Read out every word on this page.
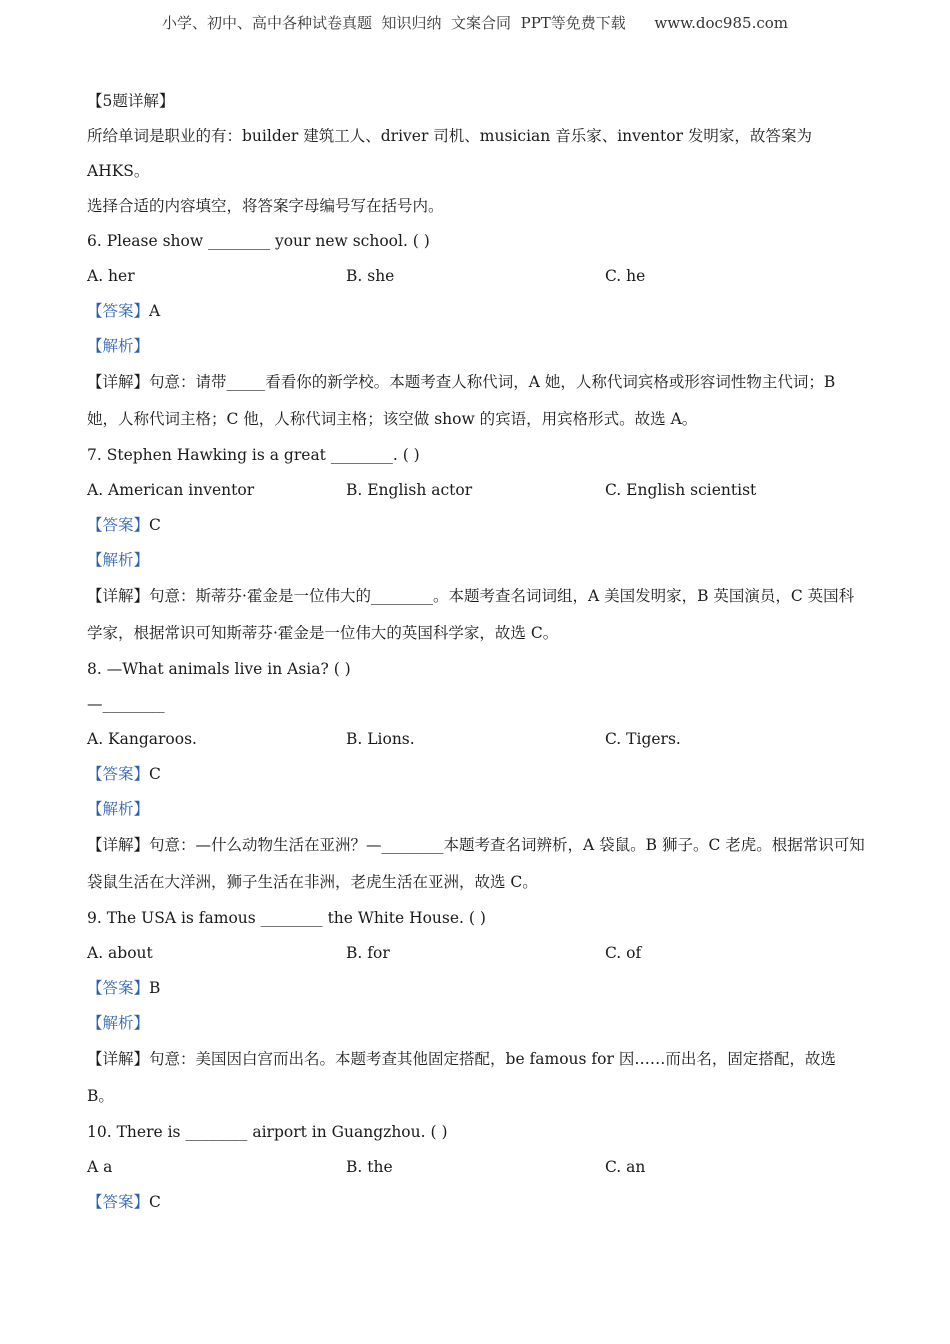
小学、初中、高中各种试卷真题  知识归纳  文案合同  PPT等免费下载      www.doc985.com
【5题详解】
所给单词是职业的有：builder 建筑工人、driver 司机、musician 音乐家、inventor 发明家，故答案为
AHKS。
选择合适的内容填空，将答案字母编号写在括号内。
6. Please show ________ your new school. ( )
A. her	B. she	C. he
【答案】A
【解析】
【详解】句意：请带_____看看你的新学校。本题考查人称代词，A 她，人称代词宾格或形容词性物主代词；B 她，人称代词主格；C 他，人称代词主格；该空做 show 的宾语，用宾格形式。故选 A。
7. Stephen Hawking is a great ________. ( )
A. American inventor	B. English actor	C. English scientist
【答案】C
【解析】
【详解】句意：斯蒂芬·霍金是一位伟大的________。本题考查名词词组，A 美国发明家，B 英国演员，C 英国科学家，根据常识可知斯蒂芬·霍金是一位伟大的英国科学家，故选 C。
8. —What animals live in Asia? ( )
—________
A. Kangaroos.	B. Lions.	C. Tigers.
【答案】C
【解析】
【详解】句意：—什么动物生活在亚洲？—________本题考查名词辨析，A 袋鼠。B 狮子。C 老虎。根据常识可知袋鼠生活在大洋洲，狮子生活在非洲，老虎生活在亚洲，故选 C。
9. The USA is famous ________ the White House. ( )
A. about	B. for	C. of
【答案】B
【解析】
【详解】句意：美国因白宫而出名。本题考查其他固定搭配，be famous for 因……而出名，固定搭配，故选 B。
10. There is ________ airport in Guangzhou. ( )
A a	B. the	C. an
【答案】C
